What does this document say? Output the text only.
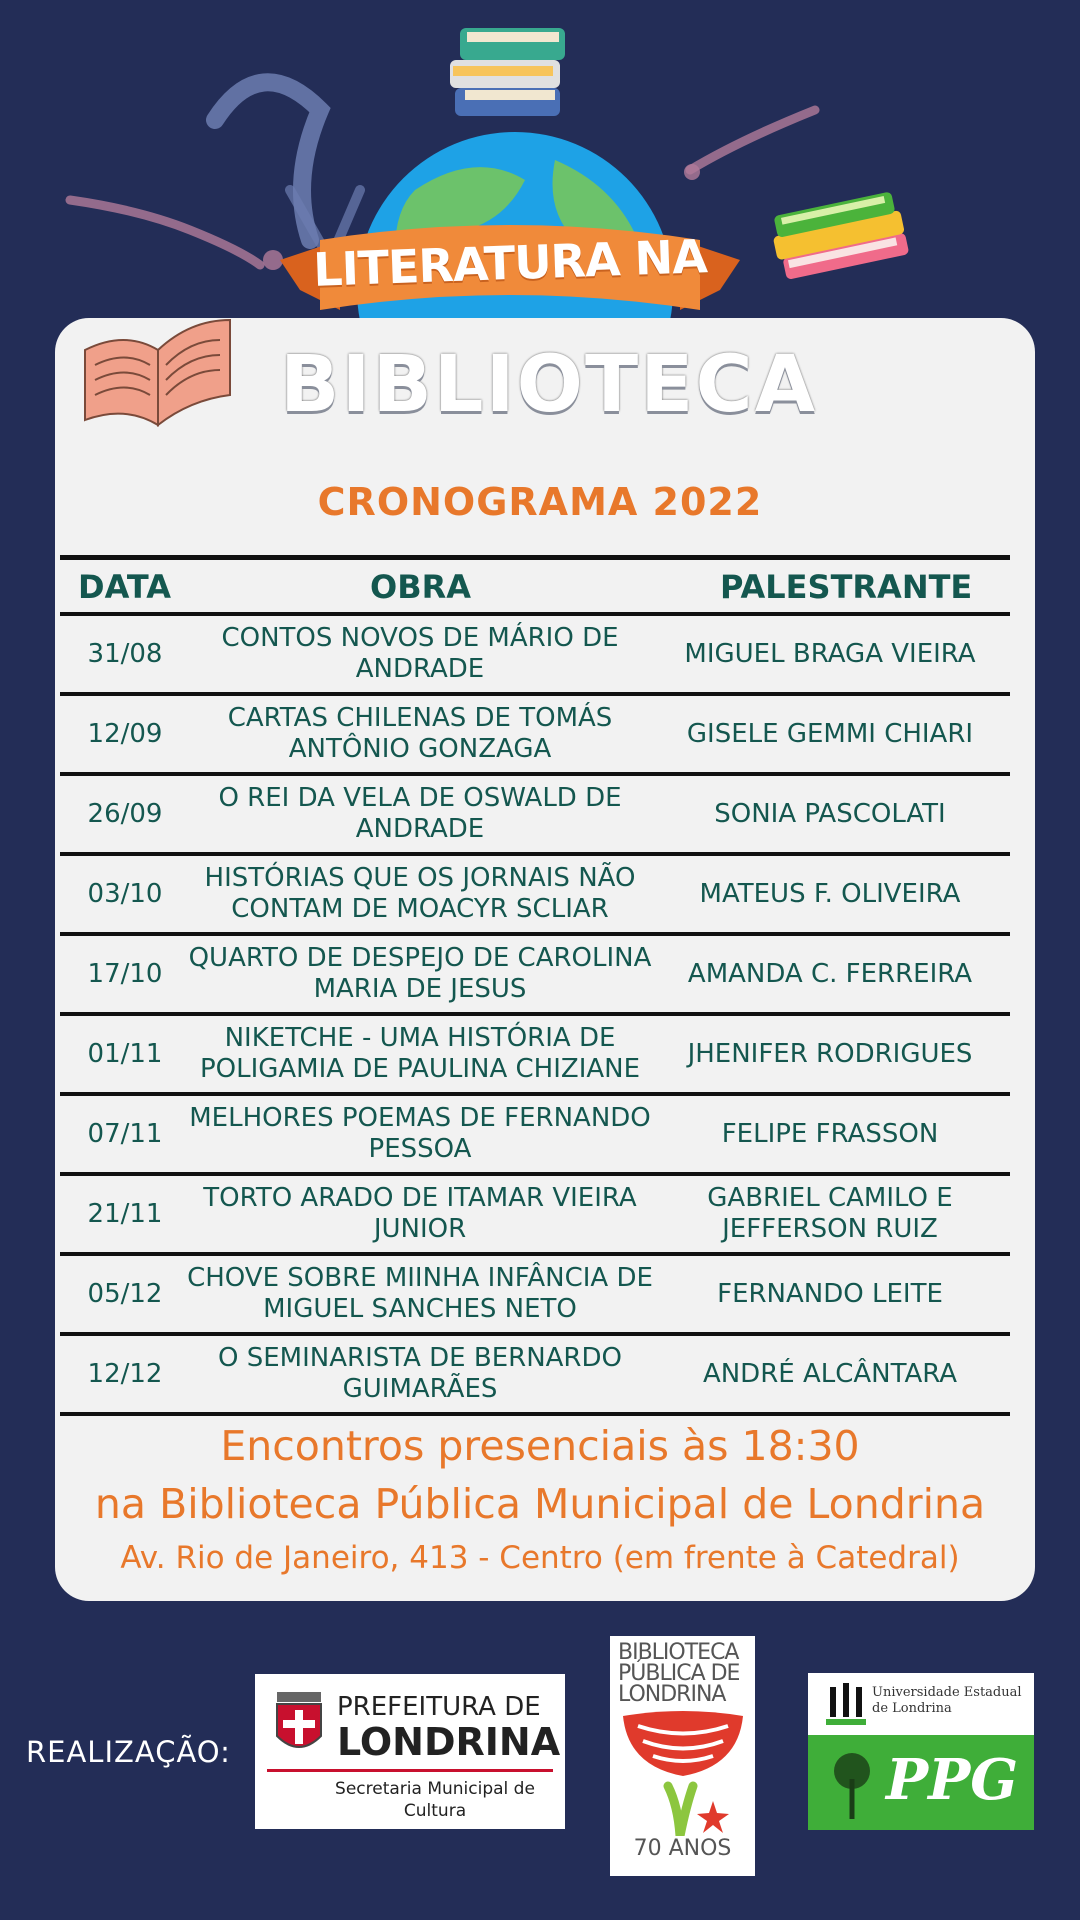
LITERATURA NA
BIBLIOTECA
CRONOGRAMA 2022
DATA	OBRA	PALESTRANTE
31/08
CONTOS NOVOS DE MÁRIO DE ANDRADE
MIGUEL BRAGA VIEIRA
12/09
CARTAS CHILENAS DE TOMÁS ANTÔNIO GONZAGA
GISELE GEMMI CHIARI
26/09
O REI DA VELA DE OSWALD DE ANDRADE
SONIA PASCOLATI
03/10
HISTÓRIAS QUE OS JORNAIS NÃO CONTAM DE MOACYR SCLIAR
MATEUS F. OLIVEIRA
17/10
QUARTO DE DESPEJO DE CAROLINA MARIA DE JESUS
AMANDA C. FERREIRA
01/11
NIKETCHE - UMA HISTÓRIA DE POLIGAMIA DE PAULINA CHIZIANE
JHENIFER RODRIGUES
07/11
MELHORES POEMAS DE FERNANDO PESSOA
FELIPE FRASSON
21/11
TORTO ARADO DE ITAMAR VIEIRA JUNIOR
GABRIEL CAMILO E JEFFERSON RUIZ
05/12
CHOVE SOBRE MIINHA INFÂNCIA DE MIGUEL SANCHES NETO
FERNANDO LEITE
12/12
O SEMINARISTA DE BERNARDO GUIMARÃES
ANDRÉ ALCÂNTARA
Encontros presenciais às 18:30
na Biblioteca Pública Municipal de Londrina
Av. Rio de Janeiro, 413 - Centro (em frente à Catedral)
REALIZAÇÃO:
PREFEITURA DE
LONDRINA
Secretaria Municipal de Cultura
BIBLIOTECA PÚBLICA DE LONDRINA
70 ANOS
Universidade Estadual de Londrina
PPG
